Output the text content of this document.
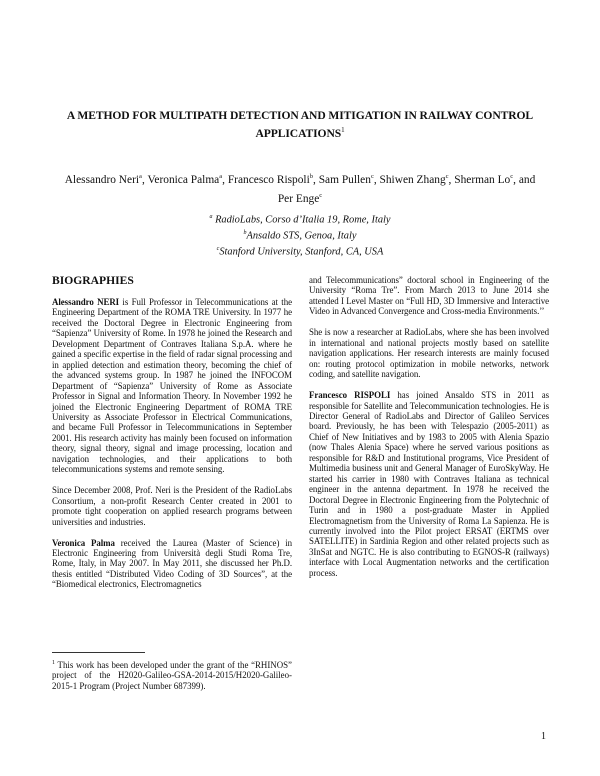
A METHOD FOR MULTIPATH DETECTION AND MITIGATION IN RAILWAY CONTROL APPLICATIONS$^1$
Alessandro Neri$^a$, Veronica Palma$^a$, Francesco Rispoli$^b$, Sam Pullen$^c$, Shiwen Zhang$^c$, Sherman Lo$^c$, and Per Enge$^c$
$^a$ RadioLabs, Corso d’Italia 19, Rome, Italy
$^b$Ansaldo STS, Genoa, Italy
$^c$Stanford University, Stanford, CA, USA
BIOGRAPHIES

Alessandro NERI is Full Professor in Telecommunications at the Engineering Department of the ROMA TRE University. In 1977 he received the Doctoral Degree in Electronic Engineering from “Sapienza” University of Rome. In 1978 he joined the Research and Development Department of Contraves Italiana S.p.A. where he gained a specific expertise in the field of radar signal processing and in applied detection and estimation theory, becoming the chief of the advanced systems group. In 1987 he joined the INFOCOM Department of “Sapienza” University of Rome as Associate Professor in Signal and Information Theory. In November 1992 he joined the Electronic Engineering Department of ROMA TRE University as Associate Professor in Electrical Communications, and became Full Professor in Telecommunications in September 2001. His research activity has mainly been focused on information theory, signal theory, signal and image processing, location and navigation technologies, and their applications to both telecommunications systems and remote sensing.

Since December 2008, Prof. Neri is the President of the RadioLabs Consortium, a non-profit Research Center created in 2001 to promote tight cooperation on applied research programs between universities and industries.

Veronica Palma received the Laurea (Master of Science) in Electronic Engineering from Università degli Studi Roma Tre, Rome, Italy, in May 2007. In May 2011, she discussed her Ph.D. thesis entitled “Distributed Video Coding of 3D Sources”, at the “Biomedical electronics, Electromagnetics

and Telecommunications” doctoral school in Engineering of the University “Roma Tre”. From March 2013 to June 2014 she attended I Level Master on “Full HD, 3D Immersive and Interactive Video in Advanced Convergence and Cross-media Environments.’’

She is now a researcher at RadioLabs, where she has been involved in international and national projects mostly based on satellite navigation applications. Her research interests are mainly focused on: routing protocol optimization in mobile networks, network coding, and satellite navigation.

Francesco RISPOLI has joined Ansaldo STS in 2011 as responsible for Satellite and Telecommunication technologies. He is Director General of RadioLabs and Director of Galileo Services board. Previously, he has been with Telespazio (2005-2011) as Chief of New Initiatives and by 1983 to 2005 with Alenia Spazio (now Thales Alenia Space) where he served various positions as responsible for R&D and Institutional programs, Vice President of Multimedia business unit and General Manager of EuroSkyWay. He started his carrier in 1980 with Contraves Italiana as technical engineer in the antenna department. In 1978 he received the Doctoral Degree in Electronic Engineering from the Polytechnic of Turin and in 1980 a post-graduate Master in Applied Electromagnetism from the University of Roma La Sapienza. He is currently involved into the Pilot project ERSAT (ERTMS over SATELLITE) in Sardinia Region and other related projects such as 3InSat and NGTC. He is also contributing to EGNOS-R (railways) interface with Local Augmentation networks and the certification process.

$^1$ This work has been developed under the grant of the “RHINOS” project of the H2020-Galileo-GSA-2014-2015/H2020-Galileo-2015-1 Program (Project Number 687399).
1
